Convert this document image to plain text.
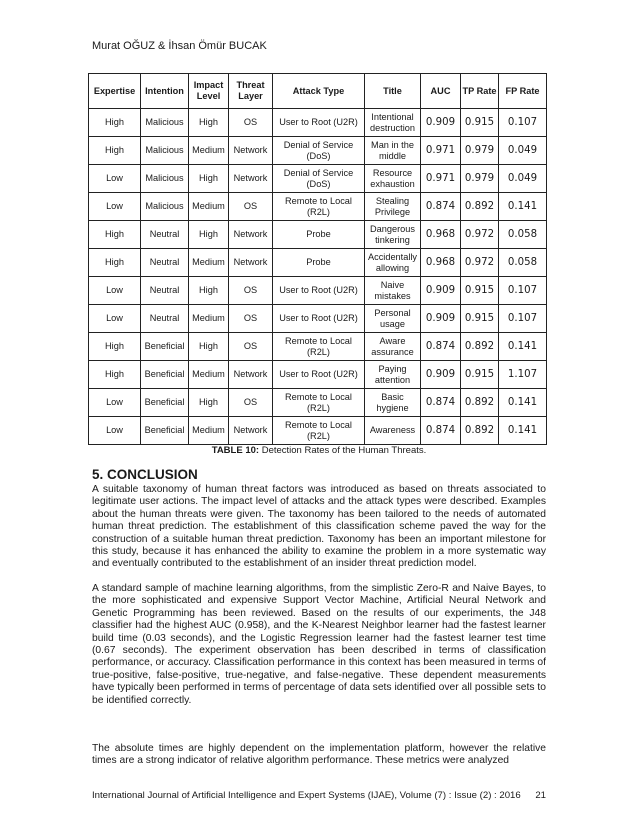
Murat OĞUZ & İhsan Ömür BUCAK
Expertise	Intention	Impact Level	Threat Layer	Attack Type	Title	AUC	TP Rate	FP Rate
High	Malicious	High	OS	User to Root (U2R)	Intentional destruction	0.909	0.915	0.107
High	Malicious	Medium	Network	Denial of Service (DoS)	Man in the middle	0.971	0.979	0.049
Low	Malicious	High	Network	Denial of Service (DoS)	Resource exhaustion	0.971	0.979	0.049
Low	Malicious	Medium	OS	Remote to Local (R2L)	Stealing Privilege	0.874	0.892	0.141
High	Neutral	High	Network	Probe	Dangerous tinkering	0.968	0.972	0.058
High	Neutral	Medium	Network	Probe	Accidentally allowing	0.968	0.972	0.058
Low	Neutral	High	OS	User to Root (U2R)	Naive mistakes	0.909	0.915	0.107
Low	Neutral	Medium	OS	User to Root (U2R)	Personal usage	0.909	0.915	0.107
High	Beneficial	High	OS	Remote to Local (R2L)	Aware assurance	0.874	0.892	0.141
High	Beneficial	Medium	Network	User to Root (U2R)	Paying attention	0.909	0.915	1.107
Low	Beneficial	High	OS	Remote to Local (R2L)	Basic hygiene	0.874	0.892	0.141
Low	Beneficial	Medium	Network	Remote to Local (R2L)	Awareness	0.874	0.892	0.141
TABLE 10: Detection Rates of the Human Threats.
5. CONCLUSION

A suitable taxonomy of human threat factors was introduced as based on threats associated to legitimate user actions. The impact level of attacks and the attack types were described. Examples about the human threats were given. The taxonomy has been tailored to the needs of automated human threat prediction. The establishment of this classification scheme paved the way for the construction of a suitable human threat prediction. Taxonomy has been an important milestone for this study, because it has enhanced the ability to examine the problem in a more systematic way and eventually contributed to the establishment of an insider threat prediction model.

A standard sample of machine learning algorithms, from the simplistic Zero-R and Naive Bayes, to the more sophisticated and expensive Support Vector Machine, Artificial Neural Network and Genetic Programming has been reviewed. Based on the results of our experiments, the J48 classifier had the highest AUC (0.958), and the K-Nearest Neighbor learner had the fastest learner build time (0.03 seconds), and the Logistic Regression learner had the fastest learner test time (0.67 seconds). The experiment observation has been described in terms of classification performance, or accuracy. Classification performance in this context has been measured in terms of true-positive, false-positive, true-negative, and false-negative. These dependent measurements have typically been performed in terms of percentage of data sets identified over all possible sets to be identified correctly.

The absolute times are highly dependent on the implementation platform, however the relative times are a strong indicator of relative algorithm performance. These metrics were analyzed

International Journal of Artificial Intelligence and Expert Systems (IJAE), Volume (7) : Issue (2) : 2016 21
